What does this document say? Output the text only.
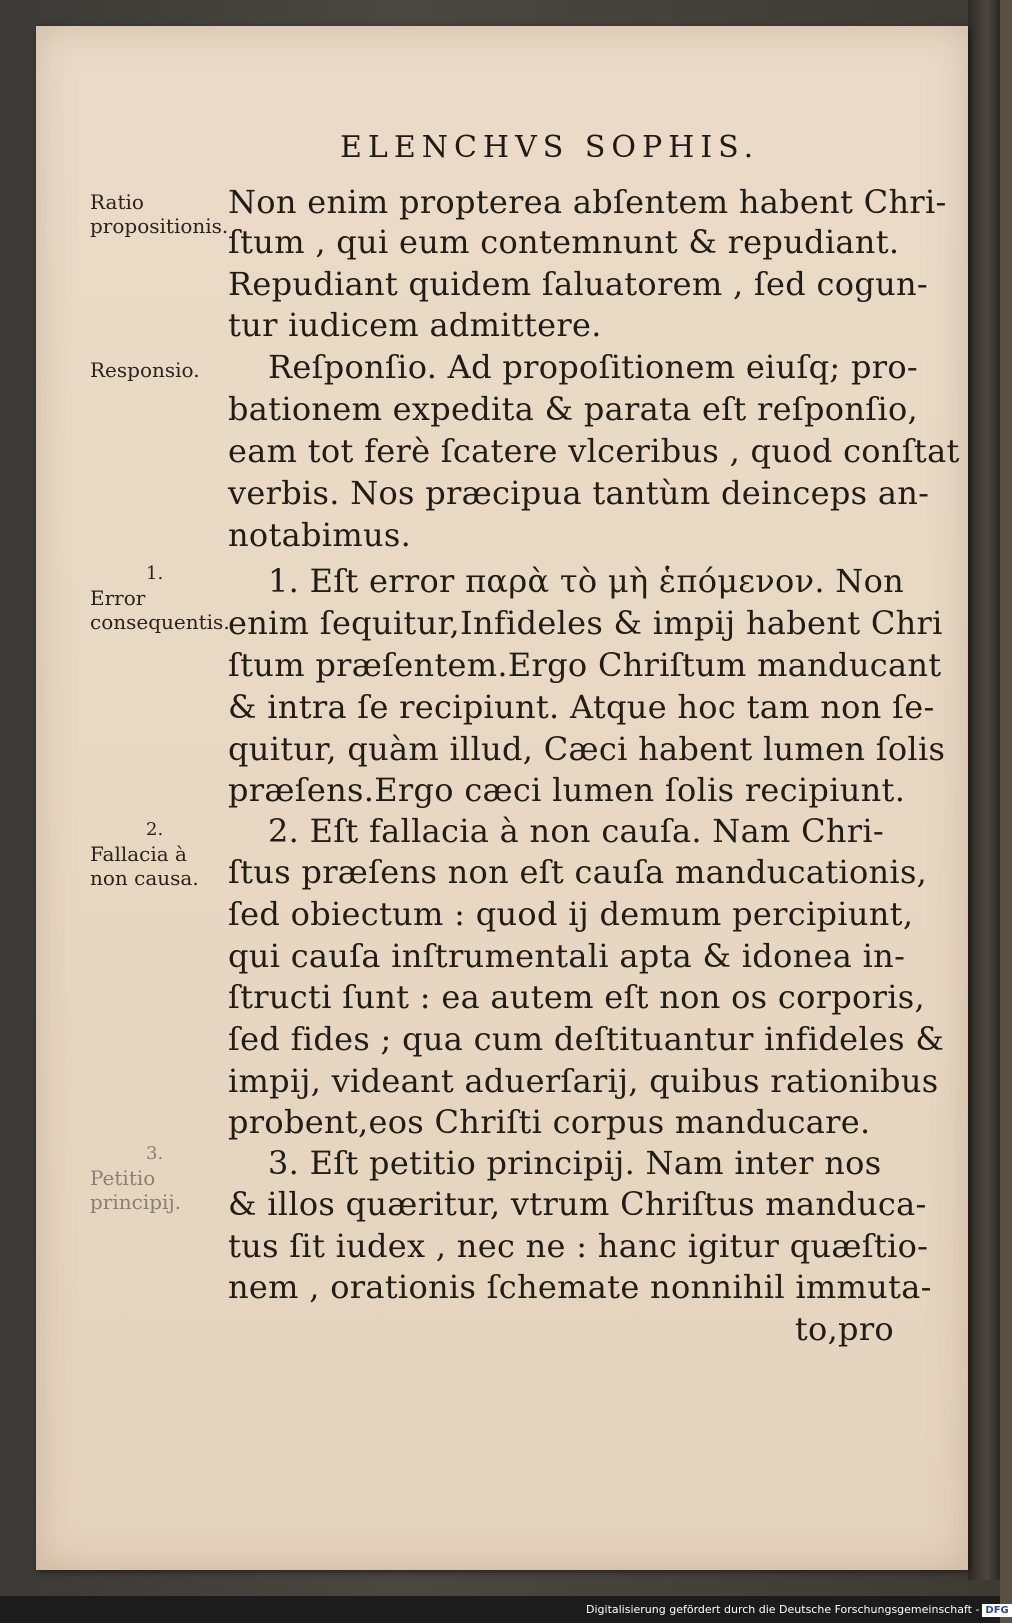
ELENCHVS SOPHIS.
Ratio propositionis.
Responsio.
1.
Error consequentis.
2.
Fallacia à non causa.
3.
Petitio principij.
Non enim propterea abſentem habent Chri-
ſtum , qui eum contemnunt & repudiant.
Repudiant quidem ſaluatorem , ſed cogun-
tur iudicem admittere.
Reſponſio. Ad propoſitionem eiuſq; pro-
bationem expedita & parata eſt reſponſio,
eam tot ferè ſcatere vlceribus , quod conſtat
verbis. Nos præcipua tantùm deinceps an-
notabimus.
1. Eſt error παρὰ τὸ μὴ ἑπόμενον. Non
enim ſequitur,Infideles & impij habent Chri
ſtum præſentem.Ergo Chriſtum manducant
& intra ſe recipiunt. Atque hoc tam non ſe-
quitur, quàm illud, Cæci habent lumen ſolis
præſens.Ergo cæci lumen ſolis recipiunt.
2. Eſt fallacia à non cauſa. Nam Chri-
ſtus præſens non eſt cauſa manducationis,
ſed obiectum : quod ij demum percipiunt,
qui cauſa inſtrumentali apta & idonea in-
ſtructi ſunt : ea autem eſt non os corporis,
ſed fides ; qua cum deſtituantur infideles &
impij, videant aduerſarij, quibus rationibus
probent,eos Chriſti corpus manducare.
3. Eſt petitio principij. Nam inter nos
& illos quæritur, vtrum Chriſtus manduca-
tus ſit iudex , nec ne : hanc igitur quæſtio-
nem , orationis ſchemate nonnihil immuta-
to,pro
Digitalisierung gefördert durch die Deutsche Forschungsgemeinschaft - DFG
